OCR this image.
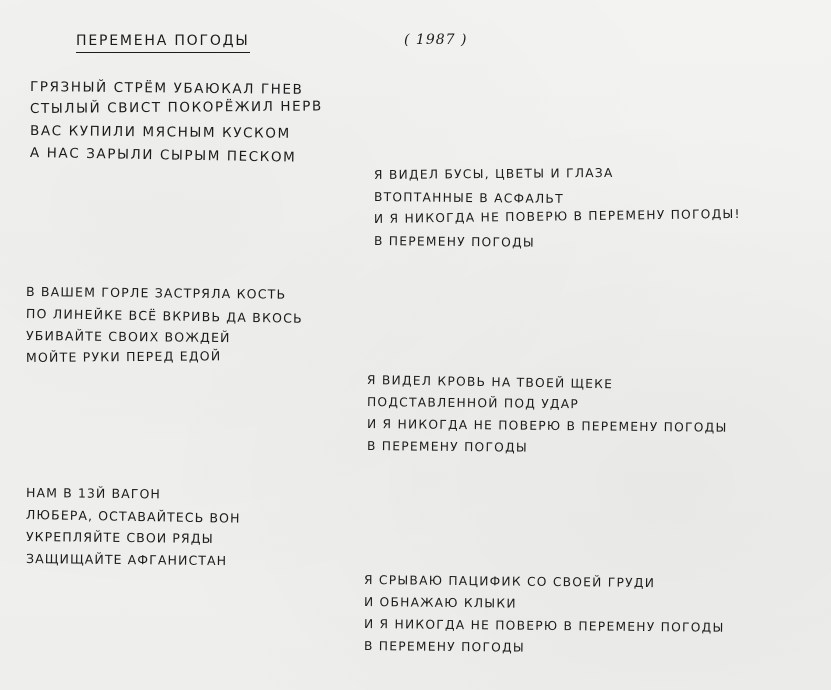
ПЕРЕМЕНА ПОГОДЫ	( 1987 )
ГРЯЗНЫЙ СТРЁМ УБАЮКАЛ ГНЕВ
СТЫЛЫЙ СВИСТ ПОКОРЁЖИЛ НЕРВ
ВАС КУПИЛИ МЯСНЫМ КУСКОМ
А НАС ЗАРЫЛИ СЫРЫМ ПЕСКОМ
Я ВИДЕЛ БУСЫ, ЦВЕТЫ И ГЛАЗА
ВТОПТАННЫЕ В АСФАЛЬТ
И Я НИКОГДА НЕ ПОВЕРЮ В ПЕРЕМЕНУ ПОГОДЫ!
В ПЕРЕМЕНУ ПОГОДЫ
В ВАШЕМ ГОРЛЕ ЗАСТРЯЛА КОСТЬ
ПО ЛИНЕЙКЕ ВСЁ ВКРИВЬ ДА ВКОСЬ
УБИВАЙТЕ СВОИХ ВОЖДЕЙ
МОЙТЕ РУКИ ПЕРЕД ЕДОЙ
Я ВИДЕЛ КРОВЬ НА ТВОЕЙ ЩЕКЕ
ПОДСТАВЛЕННОЙ ПОД УДАР
И Я НИКОГДА НЕ ПОВЕРЮ В ПЕРЕМЕНУ ПОГОДЫ
В ПЕРЕМЕНУ ПОГОДЫ
НАМ В 13Й ВАГОН
ЛЮБЕРА, ОСТАВАЙТЕСЬ ВОН
УКРЕПЛЯЙТЕ СВОИ РЯДЫ
ЗАЩИЩАЙТЕ АФГАНИСТАН
Я СРЫВАЮ ПАЦИФИК СО СВОЕЙ ГРУДИ
И ОБНАЖАЮ КЛЫКИ
И Я НИКОГДА НЕ ПОВЕРЮ В ПЕРЕМЕНУ ПОГОДЫ
В ПЕРЕМЕНУ ПОГОДЫ
